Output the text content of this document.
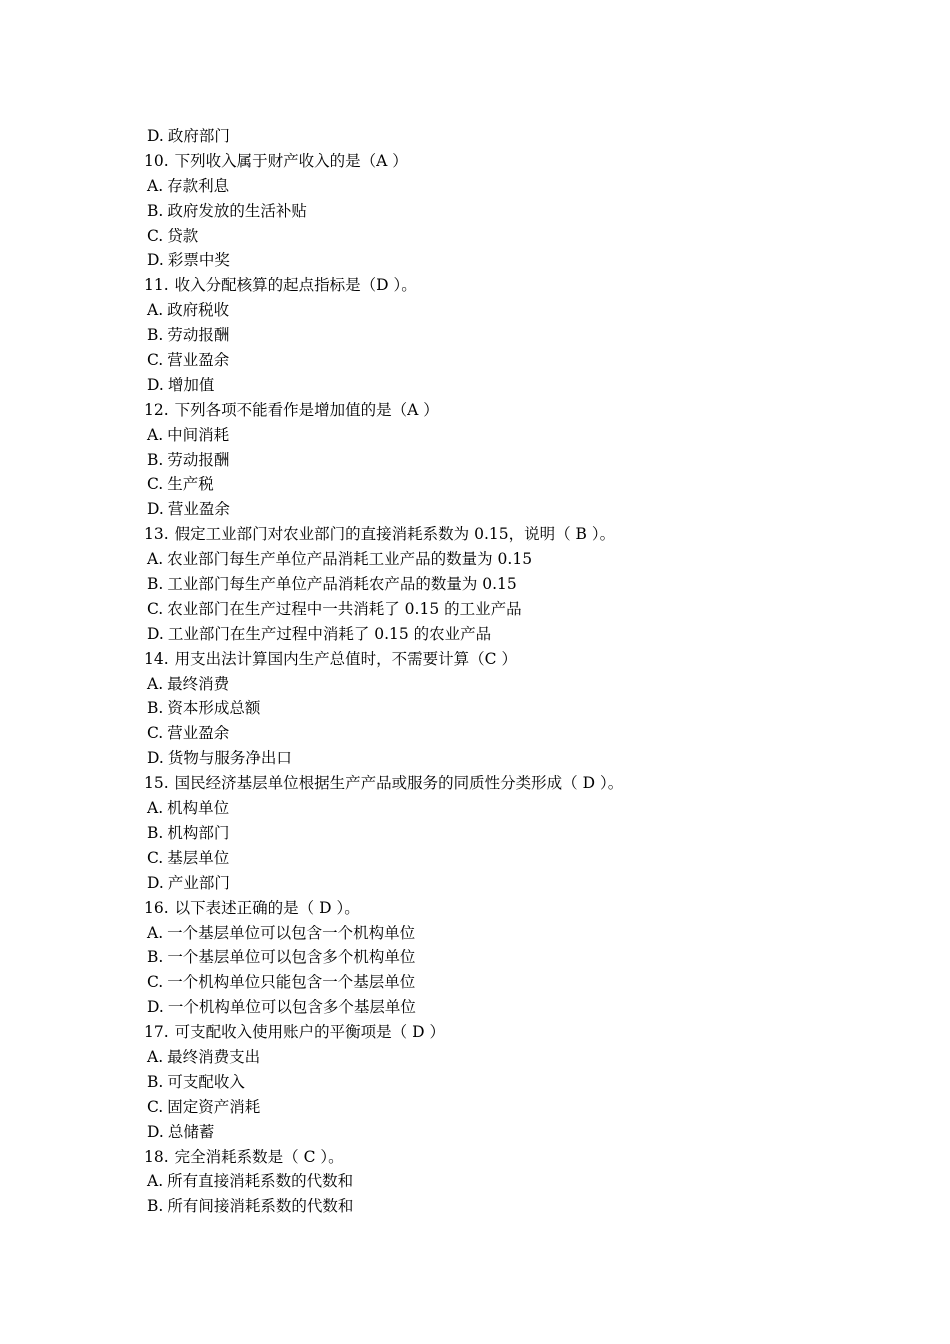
D. 政府部门
10. 下列收入属于财产收入的是（A ）
A. 存款利息
B. 政府发放的生活补贴
C. 贷款
D. 彩票中奖
11. 收入分配核算的起点指标是（D ）。
A. 政府税收
B. 劳动报酬
C. 营业盈余
D. 增加值
12. 下列各项不能看作是增加值的是（A ）
A. 中间消耗
B. 劳动报酬
C. 生产税
D. 营业盈余
13. 假定工业部门对农业部门的直接消耗系数为 0.15，说明（ B ）。
A. 农业部门每生产单位产品消耗工业产品的数量为 0.15
B. 工业部门每生产单位产品消耗农产品的数量为 0.15
C. 农业部门在生产过程中一共消耗了 0.15 的工业产品
D. 工业部门在生产过程中消耗了 0.15 的农业产品
14. 用支出法计算国内生产总值时，不需要计算（C ）
A. 最终消费
B. 资本形成总额
C. 营业盈余
D. 货物与服务净出口
15. 国民经济基层单位根据生产产品或服务的同质性分类形成（ D ）。
A. 机构单位
B. 机构部门
C. 基层单位
D. 产业部门
16. 以下表述正确的是（ D ）。
A. 一个基层单位可以包含一个机构单位
B. 一个基层单位可以包含多个机构单位
C. 一个机构单位只能包含一个基层单位
D. 一个机构单位可以包含多个基层单位
17. 可支配收入使用账户的平衡项是（ D ）
A. 最终消费支出
B. 可支配收入
C. 固定资产消耗
D. 总储蓄
18. 完全消耗系数是（ C ）。
A. 所有直接消耗系数的代数和
B. 所有间接消耗系数的代数和
